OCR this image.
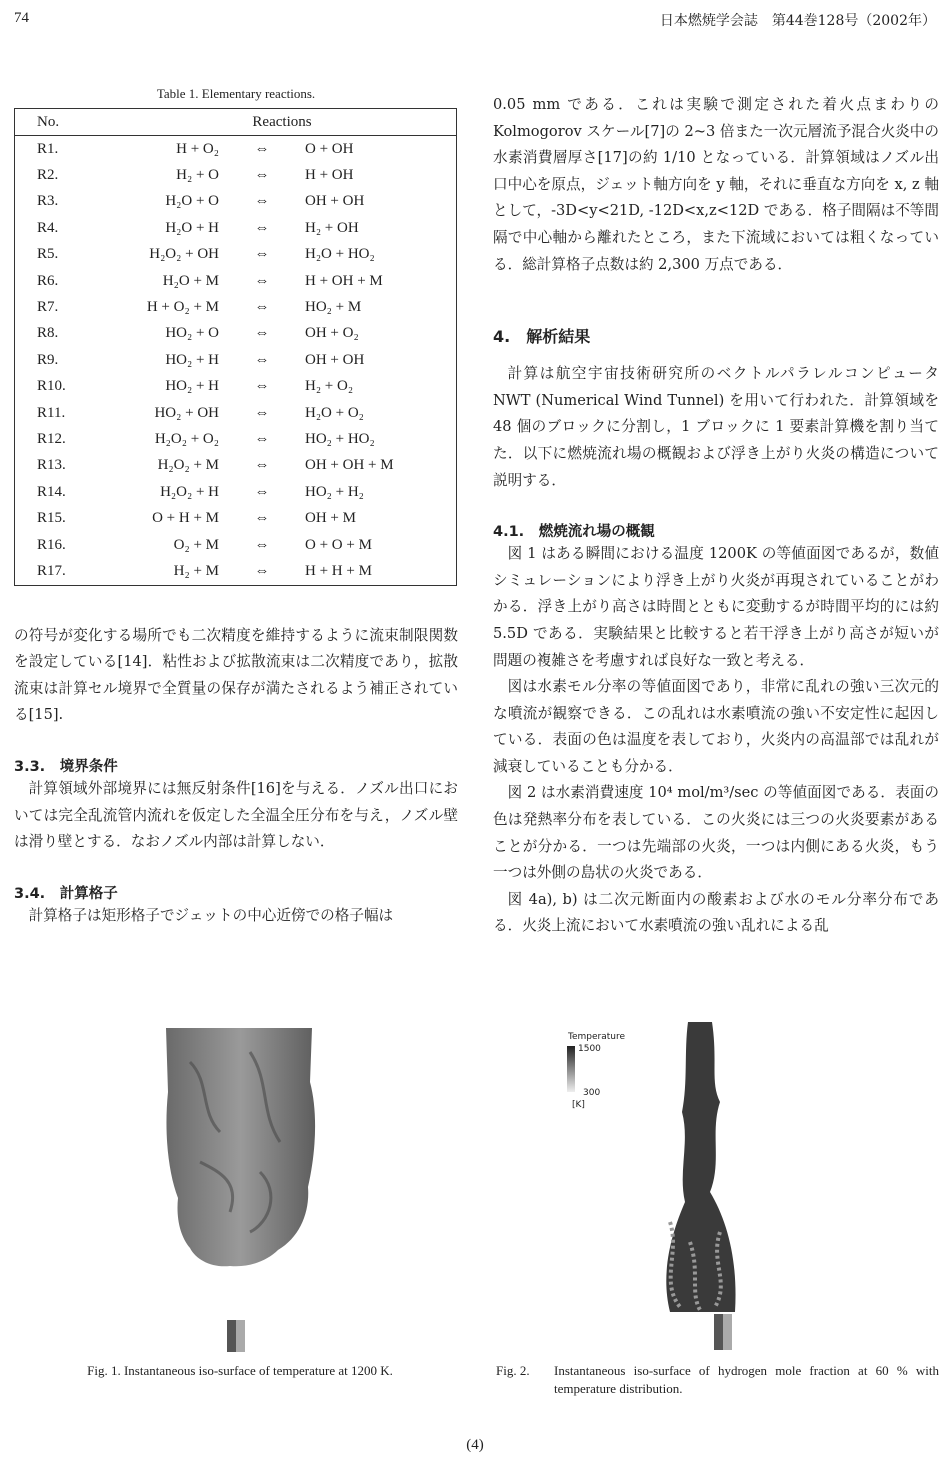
74	日本燃焼学会誌　第44巻128号（2002年）
Table 1. Elementary reactions.
No.	Reactions		
R1.	H + O₂	⇔	O + OH
R2.	H₂ + O	⇔	H + OH
R3.	H₂O + O	⇔	OH + OH
R4.	H₂O + H	⇔	H₂ + OH
R5.	H₂O₂ + OH	⇔	H₂O + HO₂
R6.	H₂O + M	⇔	H + OH + M
R7.	H + O₂ + M	⇔	HO₂ + M
R8.	HO₂ + O	⇔	OH + O₂
R9.	HO₂ + H	⇔	OH + OH
R10.	HO₂ + H	⇔	H₂ + O₂
R11.	HO₂ + OH	⇔	H₂O + O₂
R12.	H₂O₂ + O₂	⇔	HO₂ + HO₂
R13.	H₂O₂ + M	⇔	OH + OH + M
R14.	H₂O₂ + H	⇔	HO₂ + H₂
R15.	O + H + M	⇔	OH + M
R16.	O₂ + M	⇔	O + O + M
R17.	H₂ + M	⇔	H + H + M

の符号が変化する場所でも二次精度を維持するように流束制限関数を設定している[14]．粘性および拡散流束は二次精度であり，拡散流束は計算セル境界で全質量の保存が満たされるよう補正されている[15].

3.3.　境界条件

計算領域外部境界には無反射条件[16]を与える．ノズル出口においては完全乱流管内流れを仮定した全温全圧分布を与え，ノズル壁は滑り壁とする．なおノズル内部は計算しない．

3.4.　計算格子

計算格子は矩形格子でジェットの中心近傍での格子幅は

0.05 mm である．これは実験で測定された着火点まわりの Kolmogorov スケール[7]の 2~3 倍また一次元層流予混合火炎中の水素消費層厚さ[17]の約 1/10 となっている．計算領域はノズル出口中心を原点，ジェット軸方向を y 軸，それに垂直な方向を x, z 軸として，-3D<y<21D, -12D<x,z<12D である．格子間隔は不等間隔で中心軸から離れたところ，また下流域においては粗くなっている．総計算格子点数は約 2,300 万点である．

4.　解析結果

計算は航空宇宙技術研究所のベクトルパラレルコンピュータ NWT (Numerical Wind Tunnel) を用いて行われた．計算領域を 48 個のブロックに分割し，1 ブロックに 1 要素計算機を割り当てた．以下に燃焼流れ場の概観および浮き上がり火炎の構造について説明する．

4.1.　燃焼流れ場の概観

図 1 はある瞬間における温度 1200K の等値面図であるが，数値シミュレーションにより浮き上がり火炎が再現されていることがわかる．浮き上がり高さは時間とともに変動するが時間平均的には約 5.5D である．実験結果と比較すると若干浮き上がり高さが短いが問題の複雑さを考慮すれば良好な一致と考える．

図は水素モル分率の等値面図であり，非常に乱れの強い三次元的な噴流が観察できる．この乱れは水素噴流の強い不安定性に起因している．表面の色は温度を表しており，火炎内の高温部では乱れが減衰していることも分かる．

図 2 は水素消費速度 10⁴ mol/m³/sec の等値面図である．表面の色は発熱率分布を表している．この火炎には三つの火炎要素があることが分かる．一つは先端部の火炎，一つは内側にある火炎，もう一つは外側の島状の火炎である．

図 4a), b) は二次元断面内の酸素および水のモル分率分布である．火炎上流において水素噴流の強い乱れによる乱

Temperature
1500
300
[K]
Fig. 1. Instantaneous iso-surface of temperature at 1200 K.	Fig. 2. Instantaneous iso-surface of hydrogen mole fraction at 60 % with temperature distribution.
(4)
